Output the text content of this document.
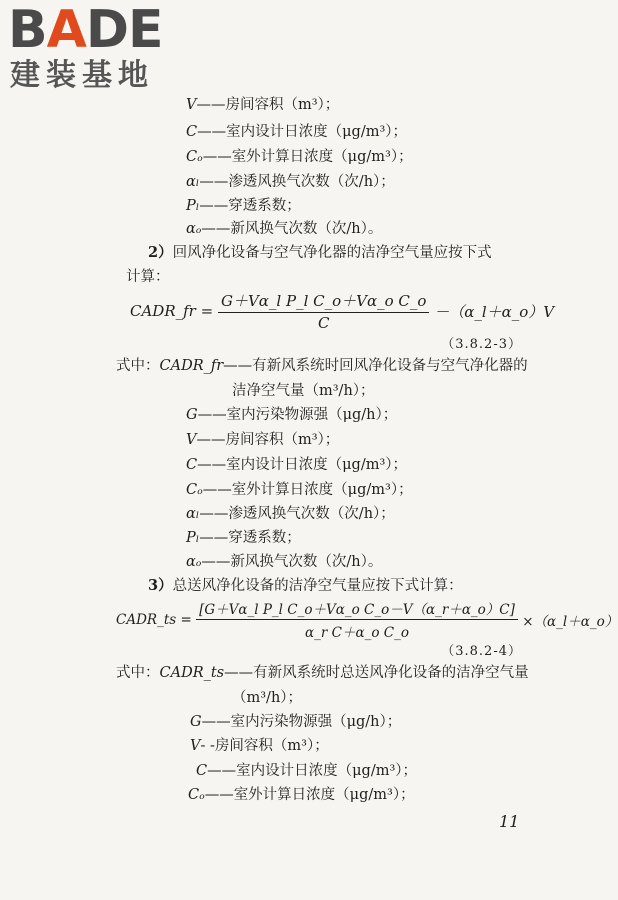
BADE
建装基地
V——房间容积（m³）；
C——室内设计日浓度（μg/m³）；
Cₒ——室外计算日浓度（μg/m³）；
αₗ——渗透风换气次数（次/h）；
Pₗ——穿透系数；
αₒ——新风换气次数（次/h）。
2）回风净化设备与空气净化器的洁净空气量应按下式
计算：
CADR_fr = $\frac{\text{G＋Vα\_l P\_l C\_o＋Vα\_o C\_o}}{C}$ －（α_l＋α_o）V
（3.8.2-3）
式中：CADR_fr——有新风系统时回风净化设备与空气净化器的
洁净空气量（m³/h）；
G——室内污染物源强（μg/h）；
V——房间容积（m³）；
C——室内设计日浓度（μg/m³）；
Cₒ——室外计算日浓度（μg/m³）；
αₗ——渗透风换气次数（次/h）；
Pₗ——穿透系数；
αₒ——新风换气次数（次/h）。
3）总送风净化设备的洁净空气量应按下式计算：
CADR_ts = $\frac{\text{[G＋Vα\_l P\_l C\_o＋Vα\_o C\_o－V（α\_r＋α\_o）C]}}{\text{α\_r C＋α\_o C\_o}}$ ×（α_l＋α_o）
（3.8.2-4）
式中：CADR_ts——有新风系统时总送风净化设备的洁净空气量
（m³/h）；
G——室内污染物源强（μg/h）；
V- -房间容积（m³）；
C——室内设计日浓度（μg/m³）；
Cₒ——室外计算日浓度（μg/m³）；
11
